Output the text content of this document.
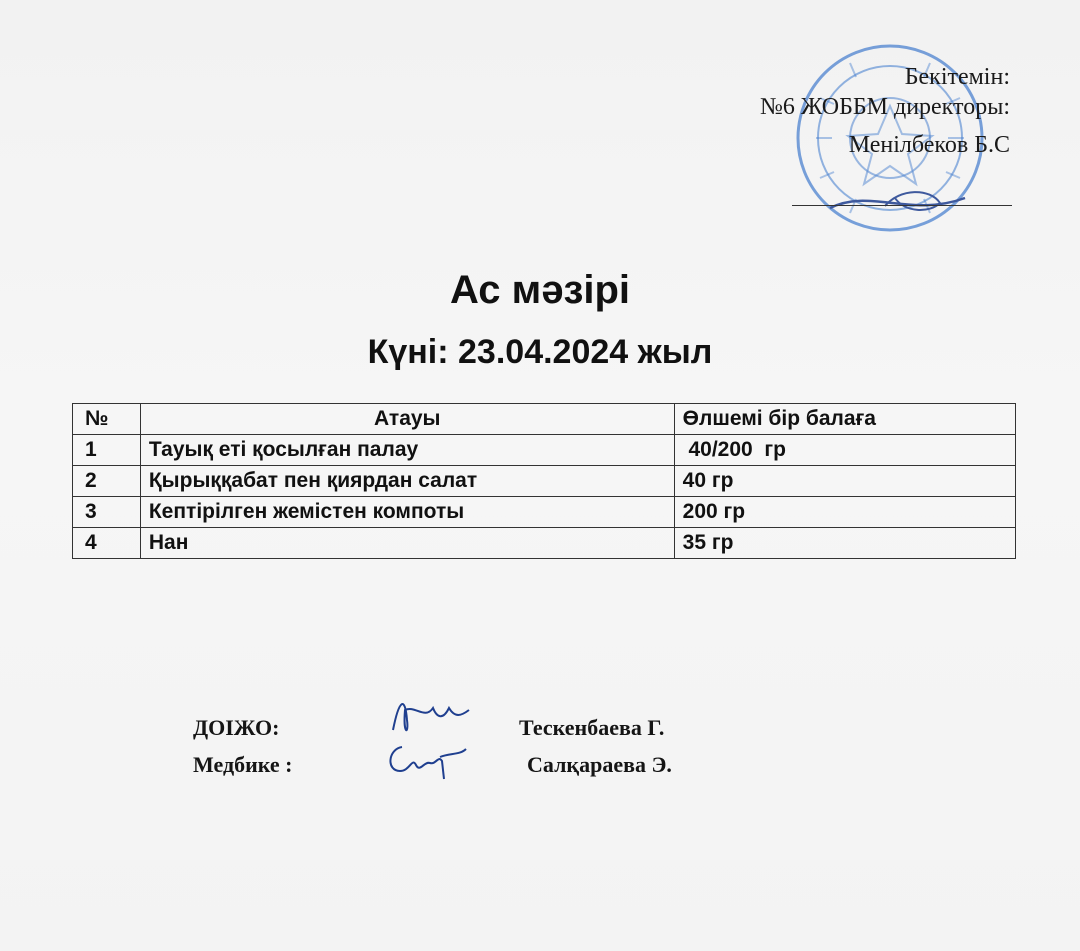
Бекітемін:
№6 ЖОББМ директоры:
Менілбеков Б.С
Ас мәзірі
Күні: 23.04.2024 жыл
№	Атауы	Өлшемі бір балаға
1	Тауық еті қосылған палау	40/200  гр
2	Қырыққабат пен қиярдан салат	40 гр
3	Кептірілген жемістен компоты	200 гр
4	Нан	35 гр
ДОІЖО:	Тескенбаева Г.
Медбике :	Салқараева Э.
